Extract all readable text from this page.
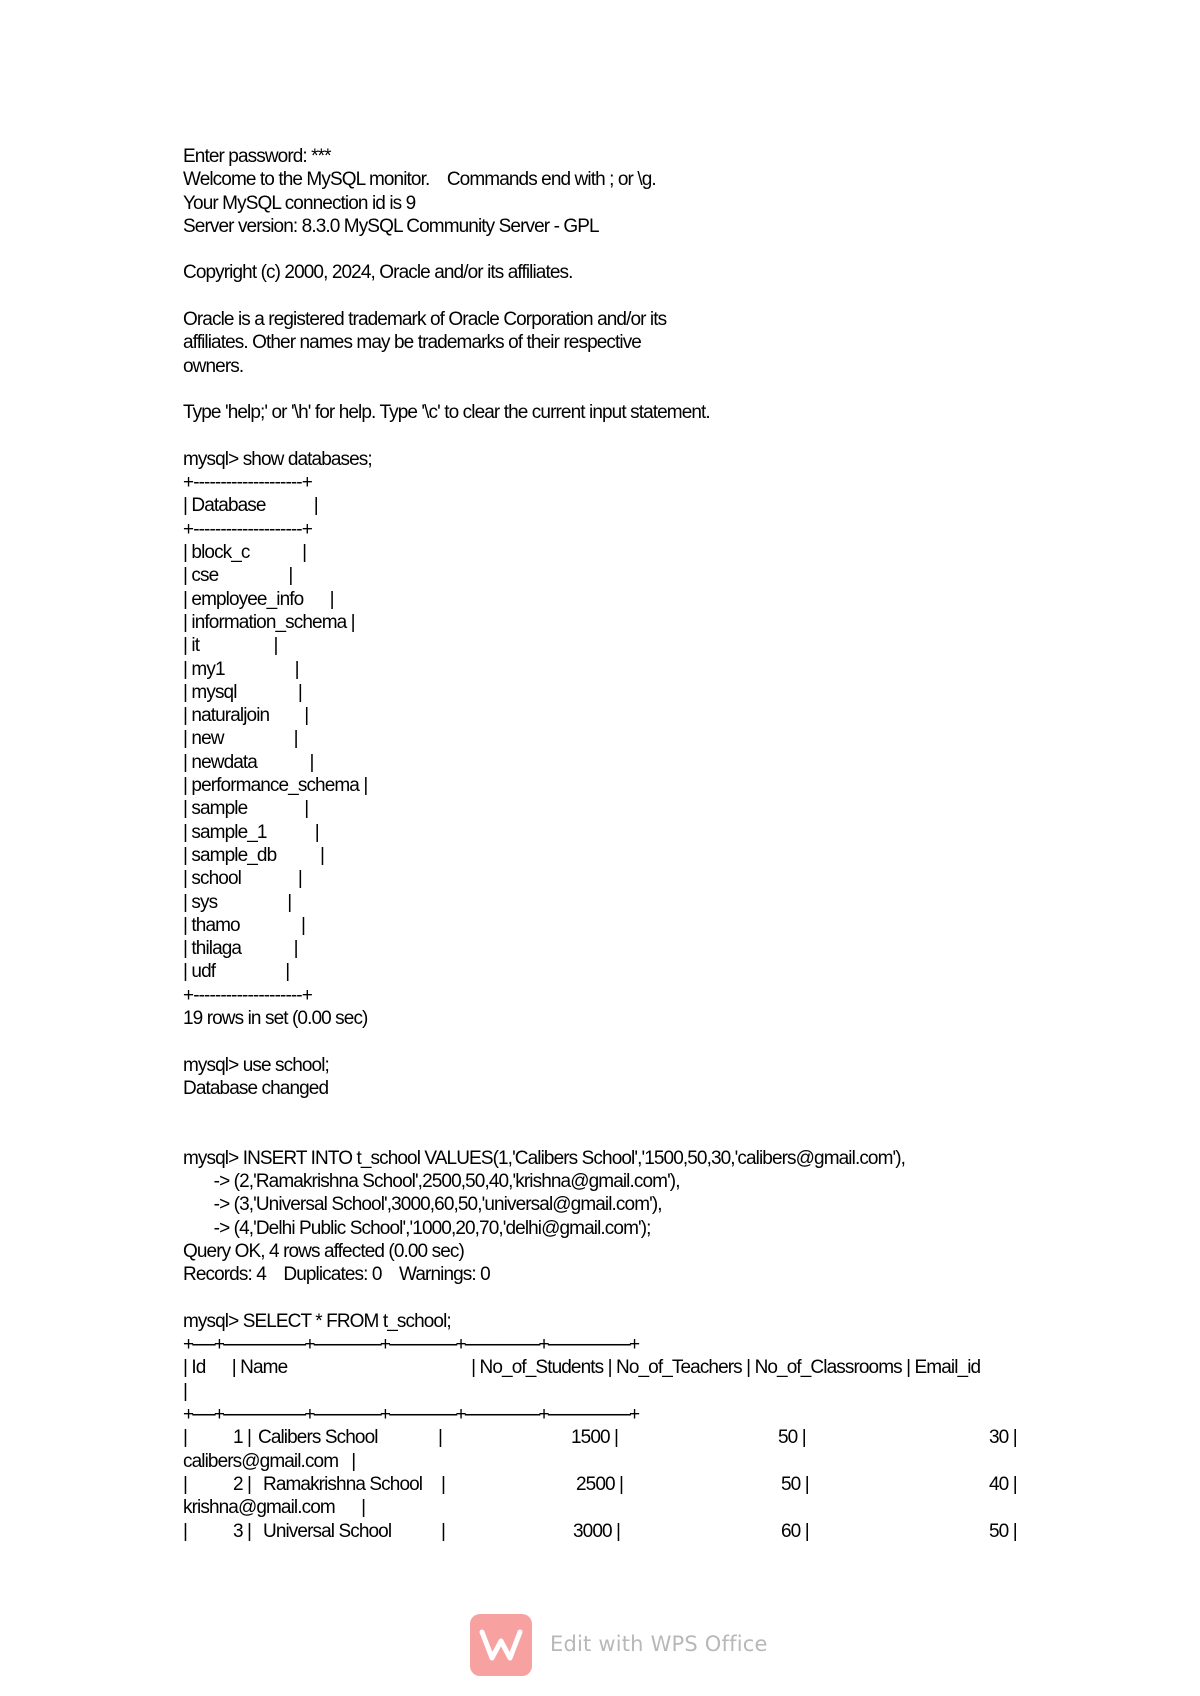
Enter password: ***
Welcome to the MySQL monitor.    Commands end with ; or \g.
Your MySQL connection id is 9
Server version: 8.3.0 MySQL Community Server - GPL
Copyright (c) 2000, 2024, Oracle and/or its affiliates.
Oracle is a registered trademark of Oracle Corporation and/or its
affiliates. Other names may be trademarks of their respective
owners.
Type 'help;' or '\h' for help. Type '\c' to clear the current input statement.
mysql> show databases;
+--------------------+
| Database           |
+--------------------+
| block_c            |
| cse                |
| employee_info      |
| information_schema |
| it                 |
| my1                |
| mysql              |
| naturaljoin        |
| new                |
| newdata            |
| performance_schema |
| sample             |
| sample_1           |
| sample_db          |
| school             |
| sys                |
| thamo              |
| thilaga            |
| udf                |
+--------------------+
19 rows in set (0.00 sec)
mysql> use school;
Database changed
mysql> INSERT INTO t_school VALUES(1,'Calibers School','1500,50,30,'calibers@gmail.com'),
-> (2,'Ramakrishna School',2500,50,40,'krishna@gmail.com'),
-> (3,'Universal School',3000,60,50,'universal@gmail.com'),
-> (4,'Delhi Public School','1000,20,70,'delhi@gmail.com');
Query OK, 4 rows affected (0.00 sec)
Records: 4    Duplicates: 0    Warnings: 0
mysql> SELECT * FROM t_school;
+------+----------------------+------------------+------------------+--------------------+----------------------+
| Id      | Name                                          | No_of_Students | No_of_Teachers | No_of_Classrooms | Email_id
|
+------+----------------------+------------------+------------------+--------------------+----------------------+
| 1 | Calibers School	|	1500 |	50 |	30 |
calibers@gmail.com   |
| 2 | Ramakrishna School |	2500 |	50 |	40 |
krishna@gmail.com      |
| 3 | Universal School	|	3000 |	60 |	50 |
Edit with WPS Office
